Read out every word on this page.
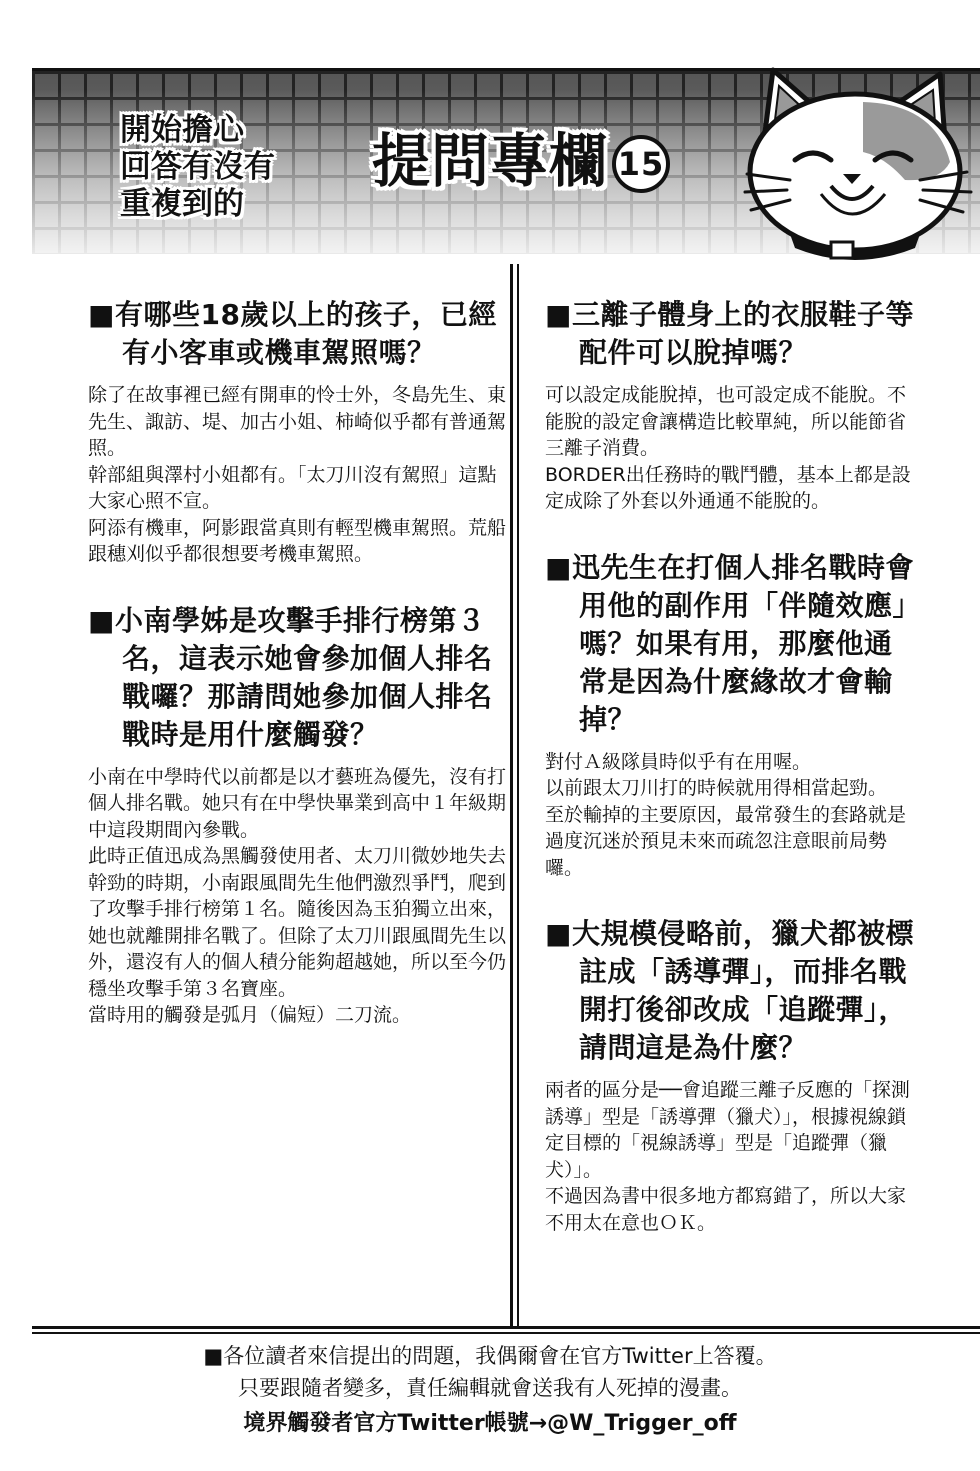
開始擔心
回答有沒有
重複到的
提問專欄 15

■有哪些18歲以上的孩子，已經有小客車或機車駕照嗎？

除了在故事裡已經有開車的怜士外，冬島先生、東先生、諏訪、堤、加古小姐、柿崎似乎都有普通駕照。
幹部組與澤村小姐都有。「太刀川沒有駕照」這點大家心照不宣。
阿添有機車，阿影跟當真則有輕型機車駕照。荒船跟穗刈似乎都很想要考機車駕照。

■小南學姊是攻擊手排行榜第３名，這表示她會參加個人排名戰囉？那請問她參加個人排名戰時是用什麼觸發？

小南在中學時代以前都是以才藝班為優先，沒有打個人排名戰。她只有在中學快畢業到高中１年級期中這段期間內參戰。
此時正值迅成為黑觸發使用者、太刀川微妙地失去幹勁的時期，小南跟風間先生他們激烈爭鬥，爬到了攻擊手排行榜第１名。隨後因為玉狛獨立出來，她也就離開排名戰了。但除了太刀川跟風間先生以外，還沒有人的個人積分能夠超越她，所以至今仍穩坐攻擊手第３名寶座。
當時用的觸發是弧月（偏短）二刀流。

■三離子體身上的衣服鞋子等配件可以脫掉嗎？

可以設定成能脫掉，也可設定成不能脫。不能脫的設定會讓構造比較單純，所以能節省三離子消費。
BORDER出任務時的戰鬥體，基本上都是設定成除了外套以外通通不能脫的。

■迅先生在打個人排名戰時會用他的副作用「伴隨效應」嗎？如果有用，那麼他通常是因為什麼緣故才會輸掉？

對付Ａ級隊員時似乎有在用喔。
以前跟太刀川打的時候就用得相當起勁。
至於輸掉的主要原因，最常發生的套路就是過度沉迷於預見未來而疏忽注意眼前局勢囉。

■大規模侵略前，獵犬都被標註成「誘導彈」，而排名戰開打後卻改成「追蹤彈」，請問這是為什麼？

兩者的區分是──會追蹤三離子反應的「探測誘導」型是「誘導彈（獵犬）」，根據視線鎖定目標的「視線誘導」型是「追蹤彈（獵犬）」。
不過因為書中很多地方都寫錯了，所以大家不用太在意也ＯＫ。

■各位讀者來信提出的問題，我偶爾會在官方Twitter上答覆。
只要跟隨者變多，責任編輯就會送我有人死掉的漫畫。
境界觸發者官方Twitter帳號→@W_Trigger_off
